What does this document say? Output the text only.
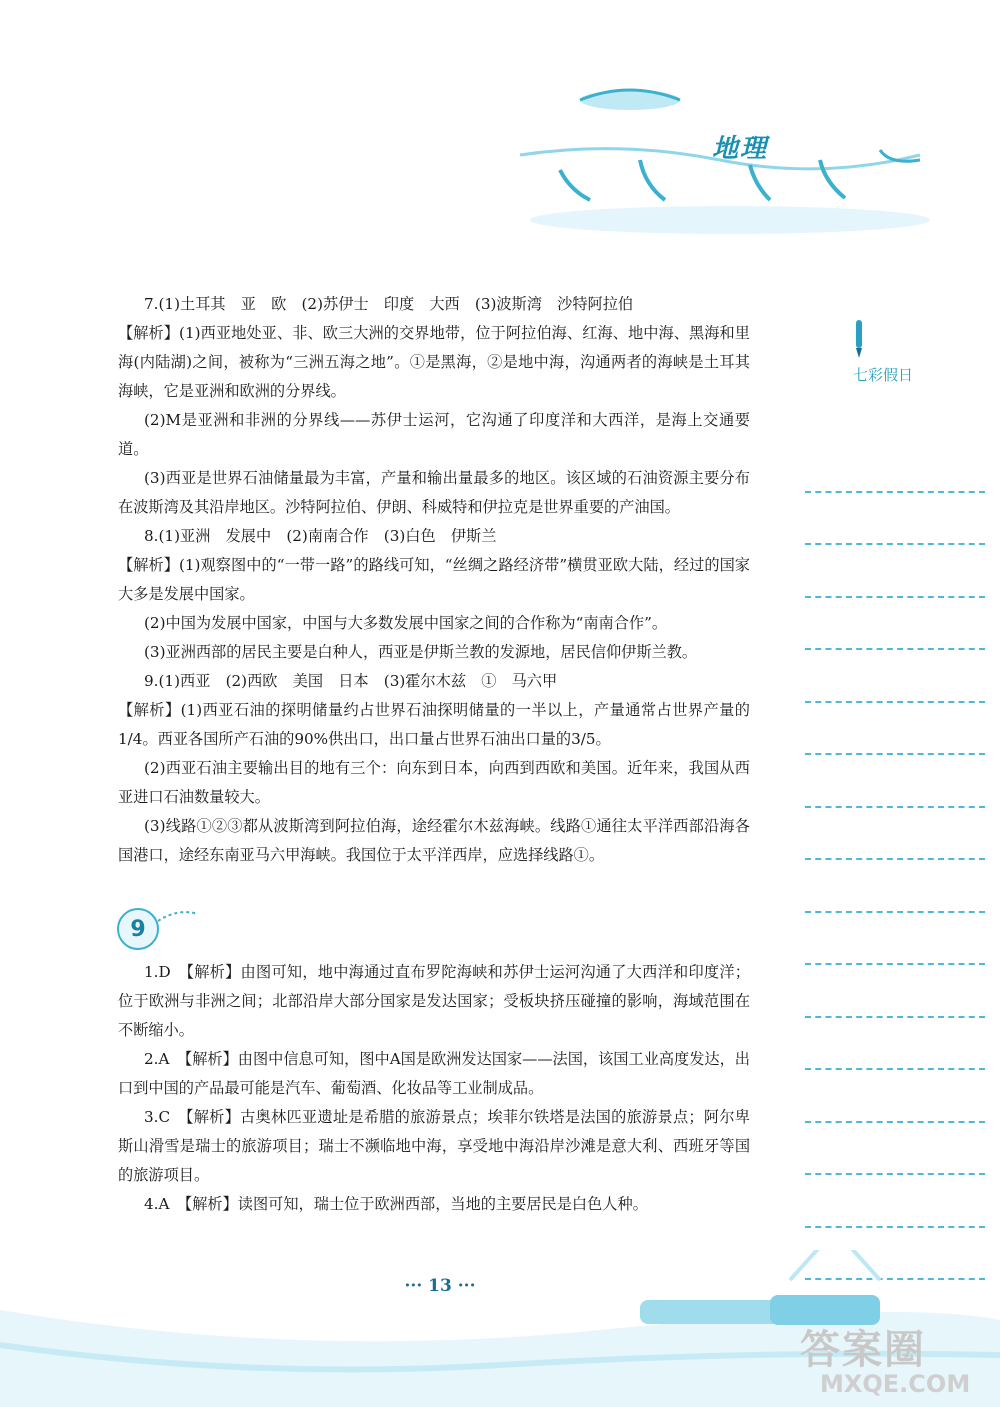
地理
七彩假日

7.(1)土耳其　亚　欧　(2)苏伊士　印度　大西　(3)波斯湾　沙特阿拉伯

【解析】(1)西亚地处亚、非、欧三大洲的交界地带，位于阿拉伯海、红海、地中海、黑海和里海(内陆湖)之间，被称为“三洲五海之地”。①是黑海，②是地中海，沟通两者的海峡是土耳其海峡，它是亚洲和欧洲的分界线。

(2)M是亚洲和非洲的分界线——苏伊士运河，它沟通了印度洋和大西洋，是海上交通要道。

(3)西亚是世界石油储量最为丰富，产量和输出量最多的地区。该区域的石油资源主要分布在波斯湾及其沿岸地区。沙特阿拉伯、伊朗、科威特和伊拉克是世界重要的产油国。

8.(1)亚洲　发展中　(2)南南合作　(3)白色　伊斯兰

【解析】(1)观察图中的“一带一路”的路线可知，“丝绸之路经济带”横贯亚欧大陆，经过的国家大多是发展中国家。

(2)中国为发展中国家，中国与大多数发展中国家之间的合作称为“南南合作”。

(3)亚洲西部的居民主要是白种人，西亚是伊斯兰教的发源地，居民信仰伊斯兰教。

9.(1)西亚　(2)西欧　美国　日本　(3)霍尔木兹　①　马六甲

【解析】(1)西亚石油的探明储量约占世界石油探明储量的一半以上，产量通常占世界产量的1/4。西亚各国所产石油的90%供出口，出口量占世界石油出口量的3/5。

(2)西亚石油主要输出目的地有三个：向东到日本，向西到西欧和美国。近年来，我国从西亚进口石油数量较大。

(3)线路①②③都从波斯湾到阿拉伯海，途经霍尔木兹海峡。线路①通往太平洋西部沿海各国港口，途经东南亚马六甲海峡。我国位于太平洋西岸，应选择线路①。

9

1.D　【解析】由图可知，地中海通过直布罗陀海峡和苏伊士运河沟通了大西洋和印度洋；位于欧洲与非洲之间；北部沿岸大部分国家是发达国家；受板块挤压碰撞的影响，海域范围在不断缩小。

2.A　【解析】由图中信息可知，图中A国是欧洲发达国家——法国，该国工业高度发达，出口到中国的产品最可能是汽车、葡萄酒、化妆品等工业制成品。

3.C　【解析】古奥林匹亚遗址是希腊的旅游景点；埃菲尔铁塔是法国的旅游景点；阿尔卑斯山滑雪是瑞士的旅游项目；瑞士不濒临地中海，享受地中海沿岸沙滩是意大利、西班牙等国的旅游项目。

4.A　【解析】读图可知，瑞士位于欧洲西部，当地的主要居民是白色人种。

··· 13 ···
答案圈
MXQE.COM
